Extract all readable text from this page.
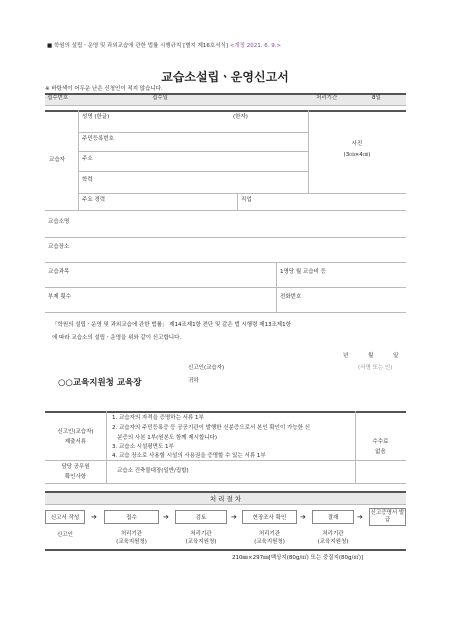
■ 학원의 설립ㆍ운영 및 과외교습에 관한 법률 시행규칙 [별지 제16호서식] <개정 2021. 6. 9.>
교습소설립ㆍ운영신고서
※ 바탕색이 어두운 난은 신청인이 적지 않습니다.
접수번호	접수일	처리기간	8일
교습자
성명 (한글)	(한자)
주민등록번호
주소
학력
주요 경력	직업
사진
(3㎝×4㎝)
교습소명
교습장소
교습과목	1명당 월 교습비 등
부제 횟수	전화번호
「학원의 설립ㆍ운영 및 과외교습에 관한 법률」 제14조제1항 전단 및 같은 법 시행령 제13조제1항
에 따라 교습소의 설립ㆍ운영을 위와 같이 신고합니다.
년	월	일
신고인(교습자)	(서명 또는 인)
○○교육지원청 교육장	귀하
신고인(교습자)
제출서류
1. 교습자의 자격을 증명하는 서류 1부
2. 교습자의 주민등록증 등 공공기관이 발행한 신분증으로서 본인 확인이 가능한 신
분증의 사본 1부(원본도 함께 제시합니다)
3. 교습소 시설평면도 1부
4. 교습 장소로 사용할 시설의 사용권을 증명할 수 있는 서류 1부
수수료
없음
담당 공무원
확인사항
교습소 건축물대장(일반/집합)
처 리 절 차
신고서 작성 ➔	접수	➔	검토	➔	현장조사 확인 ➔	결재	➔ 신고증명서 발급
신고인	처리기관
(교육지원청)
처리기관
(교육지원청)
처리기관
(교육지원청)
처리기관
(교육지원청)
210㎜×297㎜[백상지(80g/㎡) 또는 중질지(80g/㎡)]
